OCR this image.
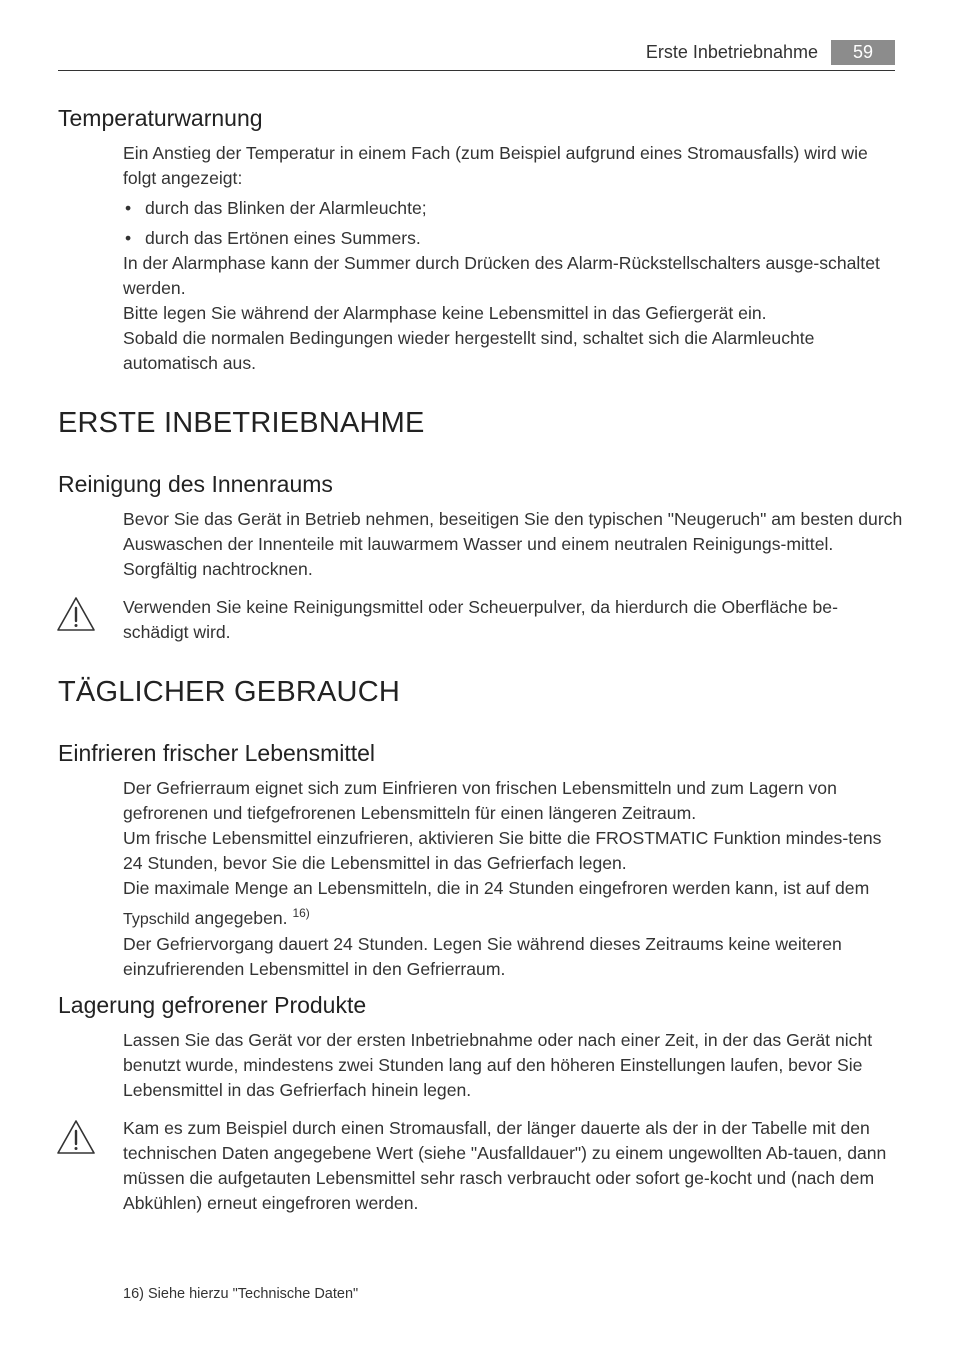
Erste Inbetriebnahme	59
Temperaturwarnung

Ein Anstieg der Temperatur in einem Fach (zum Beispiel aufgrund eines Stromausfalls) wird wie folgt angezeigt:

• durch das Blinken der Alarmleuchte;

• durch das Ertönen eines Summers.

In der Alarmphase kann der Summer durch Drücken des Alarm-Rückstellschalters ausge-schaltet werden.

Bitte legen Sie während der Alarmphase keine Lebensmittel in das Gefiergerät ein.

Sobald die normalen Bedingungen wieder hergestellt sind, schaltet sich die Alarmleuchte automatisch aus.

ERSTE INBETRIEBNAHME
Reinigung des Innenraums
Bevor Sie das Gerät in Betrieb nehmen, beseitigen Sie den typischen "Neugeruch" am besten durch Auswaschen der Innenteile mit lauwarmem Wasser und einem neutralen Reinigungs-mittel. Sorgfältig nachtrocknen.
Verwenden Sie keine Reinigungsmittel oder Scheuerpulver, da hierdurch die Oberfläche be-schädigt wird.
TÄGLICHER GEBRAUCH
Einfrieren frischer Lebensmittel

Der Gefrierraum eignet sich zum Einfrieren von frischen Lebensmitteln und zum Lagern von gefrorenen und tiefgefrorenen Lebensmitteln für einen längeren Zeitraum.

Um frische Lebensmittel einzufrieren, aktivieren Sie bitte die FROSTMATIC Funktion mindes-tens 24 Stunden, bevor Sie die Lebensmittel in das Gefrierfach legen.

Die maximale Menge an Lebensmitteln, die in 24 Stunden eingefroren werden kann, ist auf dem Typschild angegeben. $^{16)}$

Der Gefriervorgang dauert 24 Stunden. Legen Sie während dieses Zeitraums keine weiteren einzufrierenden Lebensmittel in den Gefrierraum.

Lagerung gefrorener Produkte
Lassen Sie das Gerät vor der ersten Inbetriebnahme oder nach einer Zeit, in der das Gerät nicht benutzt wurde, mindestens zwei Stunden lang auf den höheren Einstellungen laufen, bevor Sie Lebensmittel in das Gefrierfach hinein legen.
Kam es zum Beispiel durch einen Stromausfall, der länger dauerte als der in der Tabelle mit den technischen Daten angegebene Wert (siehe "Ausfalldauer") zu einem ungewollten Ab-tauen, dann müssen die aufgetauten Lebensmittel sehr rasch verbraucht oder sofort ge-kocht und (nach dem Abkühlen) erneut eingefroren werden.
16) Siehe hierzu "Technische Daten"
